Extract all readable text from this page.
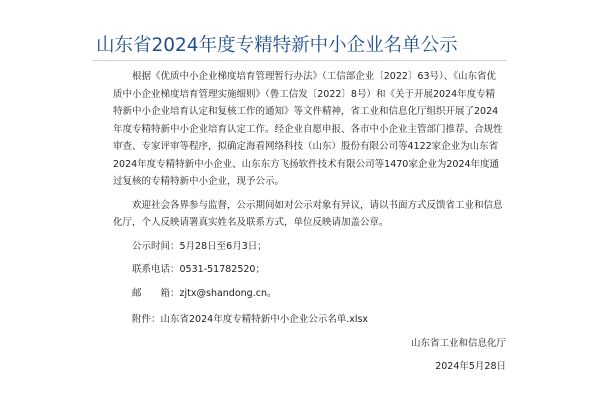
山东省2024年度专精特新中小企业名单公示

根据《优质中小企业梯度培育管理暂行办法》（工信部企业〔2022〕63号）、《山东省优质中小企业梯度培育管理实施细则》（鲁工信发〔2022〕8号）和《关于开展2024年度专精特新中小企业培育认定和复核工作的通知》等文件精神，省工业和信息化厅组织开展了2024年度专精特新中小企业培育认定工作。经企业自愿申报、各市中小企业主管部门推荐、合规性审查、专家评审等程序，拟确定海看网络科技（山东）股份有限公司等4122家企业为山东省2024年度专精特新中小企业、山东东方飞扬软件技术有限公司等1470家企业为2024年度通过复核的专精特新中小企业，现予公示。

欢迎社会各界参与监督，公示期间如对公示对象有异议，请以书面方式反馈省工业和信息化厅，个人反映请署真实姓名及联系方式，单位反映请加盖公章。

公示时间：5月28日至6月3日；

联系电话：0531-51782520；

邮　　箱：zjtx@shandong.cn。

附件：山东省2024年度专精特新中小企业公示名单.xlsx

山东省工业和信息化厅
2024年5月28日
